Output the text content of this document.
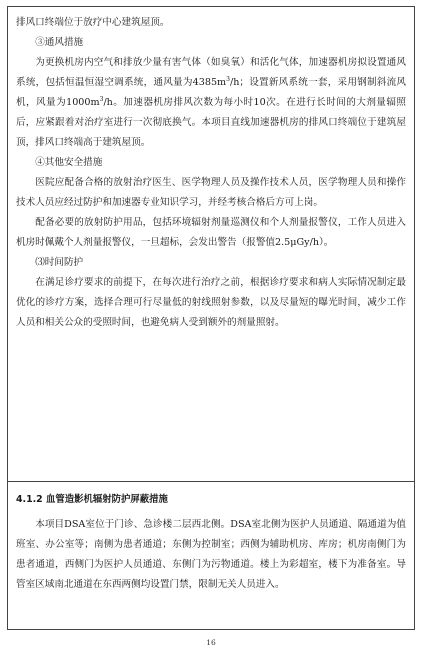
排风口终端位于放疗中心建筑屋顶。

③通风措施

为更换机房内空气和排放少量有害气体（如臭氧）和活化气体，加速器机房拟设置通风系统，包括恒温恒湿空调系统，通风量为$4385m^3/h$；设置新风系统一套，采用钢制斜流风机，风量为$1000m^3/h$。加速器机房排风次数为每小时10次。在进行长时间的大剂量辐照后，应紧跟着对治疗室进行一次彻底换气。本项目直线加速器机房的排风口终端位于建筑屋顶，排风口终端高于建筑屋顶。

④其他安全措施

医院应配备合格的放射治疗医生、医学物理人员及操作技术人员，医学物理人员和操作技术人员应经过防护和加速器专业知识学习，并经考核合格后方可上岗。

配备必要的放射防护用品，包括环境辐射剂量巡测仪和个人剂量报警仪，工作人员进入机房时佩戴个人剂量报警仪，一旦超标，会发出警告（报警值2.5μGy/h）。

⑶时间防护

在满足诊疗要求的前提下，在每次进行治疗之前，根据诊疗要求和病人实际情况制定最优化的诊疗方案，选择合理可行尽量低的射线照射参数，以及尽量短的曝光时间，减少工作人员和相关公众的受照时间，也避免病人受到额外的剂量照射。

4.1.2 血管造影机辐射防护屏蔽措施

本项目DSA室位于门诊、急诊楼二层西北侧。DSA室北侧为医护人员通道、隔通道为值班室、办公室等；南侧为患者通道；东侧为控制室；西侧为辅助机房、库房；机房南侧门为患者通道，西侧门为医护人员通道、东侧门为污物通道。楼上为彩超室，楼下为准备室。导管室区域南北通道在东西两侧均设置门禁，限制无关人员进入。

16
